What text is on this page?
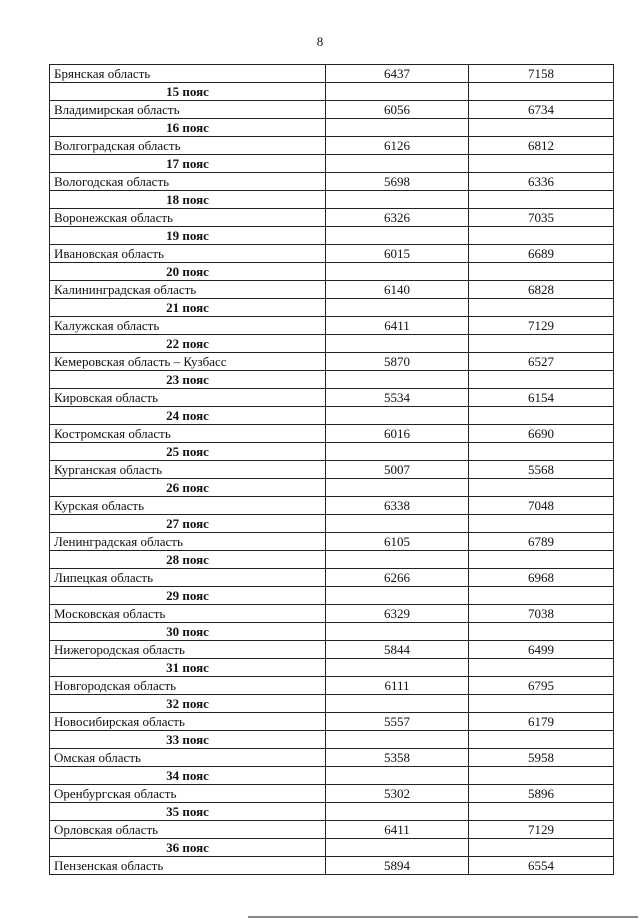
8
Брянская область	6437	7158
15 пояс		
Владимирская область	6056	6734
16 пояс		
Волгоградская область	6126	6812
17 пояс		
Вологодская область	5698	6336
18 пояс		
Воронежская область	6326	7035
19 пояс		
Ивановская область	6015	6689
20 пояс		
Калининградская область	6140	6828
21 пояс		
Калужская область	6411	7129
22 пояс		
Кемеровская область – Кузбасс	5870	6527
23 пояс		
Кировская область	5534	6154
24 пояс		
Костромская область	6016	6690
25 пояс		
Курганская область	5007	5568
26 пояс		
Курская область	6338	7048
27 пояс		
Ленинградская область	6105	6789
28 пояс		
Липецкая область	6266	6968
29 пояс		
Московская область	6329	7038
30 пояс		
Нижегородская область	5844	6499
31 пояс		
Новгородская область	6111	6795
32 пояс		
Новосибирская область	5557	6179
33 пояс		
Омская область	5358	5958
34 пояс		
Оренбургская область	5302	5896
35 пояс		
Орловская область	6411	7129
36 пояс		
Пензенская область	5894	6554
